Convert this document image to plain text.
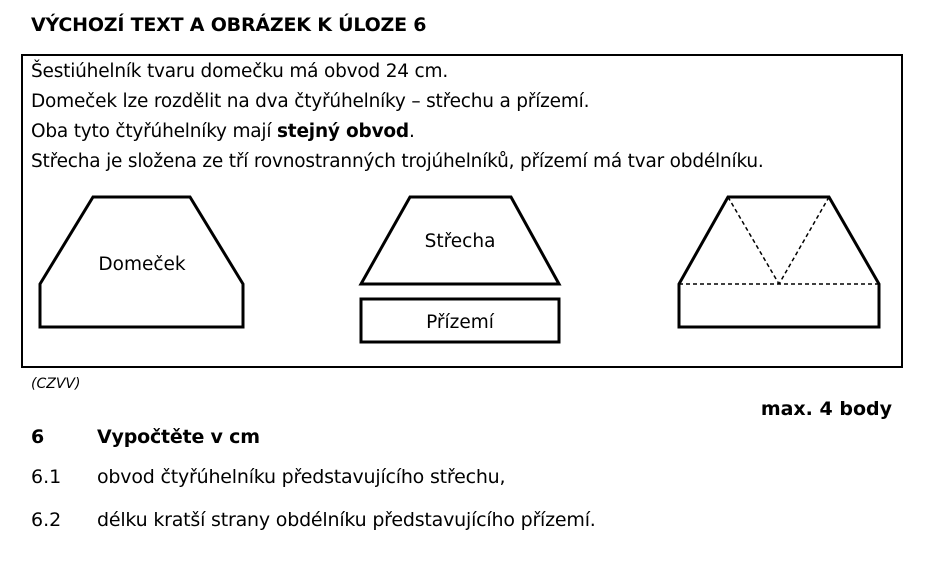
VÝCHOZÍ TEXT A OBRÁZEK K ÚLOZE 6
Šestiúhelník tvaru domečku má obvod 24 cm.
Domeček lze rozdělit na dva čtyřúhelníky – střechu a přízemí.
Oba tyto čtyřúhelníky mají stejný obvod.
Střecha je složena ze tří rovnostranných trojúhelníků, přízemí má tvar obdélníku.
Domeček
Střecha
Přízemí
(CZVV)
max. 4 body
6	Vypočtěte v cm
6.1 obvod čtyřúhelníku představujícího střechu,
6.2 délku kratší strany obdélníku představujícího přízemí.
